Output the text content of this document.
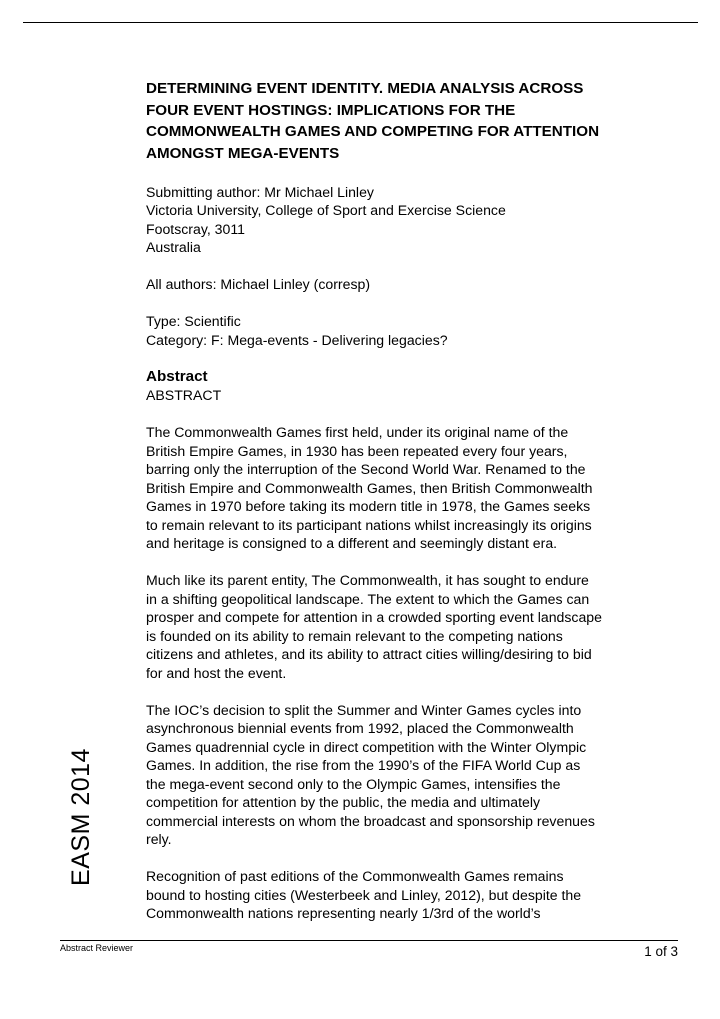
DETERMINING EVENT IDENTITY. MEDIA ANALYSIS ACROSS
FOUR EVENT HOSTINGS: IMPLICATIONS FOR THE
COMMONWEALTH GAMES AND COMPETING FOR ATTENTION
AMONGST MEGA-EVENTS
Submitting author: Mr Michael Linley
Victoria University, College of Sport and Exercise Science
Footscray, 3011
Australia
All authors: Michael Linley (corresp)
Type: Scientific
Category: F: Mega-events - Delivering legacies?
Abstract
ABSTRACT
The Commonwealth Games first held, under its original name of the
British Empire Games, in 1930 has been repeated every four years,
barring only the interruption of the Second World War. Renamed to the
British Empire and Commonwealth Games, then British Commonwealth
Games in 1970 before taking its modern title in 1978, the Games seeks
to remain relevant to its participant nations whilst increasingly its origins
and heritage is consigned to a different and seemingly distant era.
Much like its parent entity, The Commonwealth, it has sought to endure
in a shifting geopolitical landscape. The extent to which the Games can
prosper and compete for attention in a crowded sporting event landscape
is founded on its ability to remain relevant to the competing nations
citizens and athletes, and its ability to attract cities willing/desiring to bid
for and host the event.
The IOC’s decision to split the Summer and Winter Games cycles into
asynchronous biennial events from 1992, placed the Commonwealth
Games quadrennial cycle in direct competition with the Winter Olympic
Games. In addition, the rise from the 1990’s of the FIFA World Cup as
the mega-event second only to the Olympic Games, intensifies the
competition for attention by the public, the media and ultimately
commercial interests on whom the broadcast and sponsorship revenues
rely.
Recognition of past editions of the Commonwealth Games remains
bound to hosting cities (Westerbeek and Linley, 2012), but despite the
Commonwealth nations representing nearly 1/3rd of the world’s
EASM 2014
Abstract Reviewer	1 of 3
